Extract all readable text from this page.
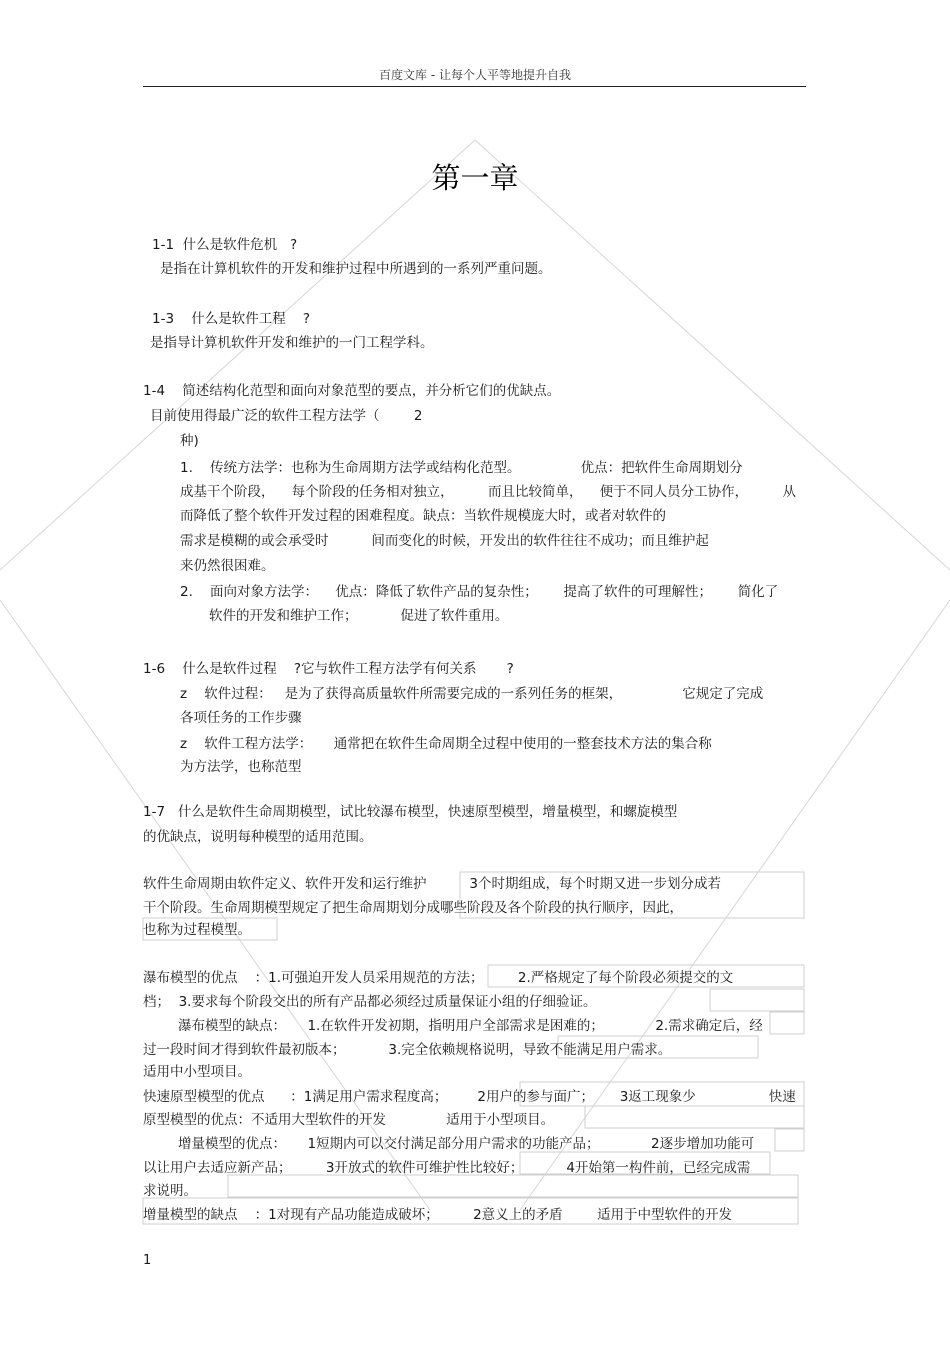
百度文库 - 让每个人平等地提升自我
第一章
1-1  什么是软件危机   ?
是指在计算机软件的开发和维护过程中所遇到的一系列严重问题。
1-3    什么是软件工程    ?
是指导计算机软件开发和维护的一门工程学科。
1-4    简述结构化范型和面向对象范型的要点，并分析它们的优缺点。
目前使用得最广泛的软件工程方法学（        2
种)
1.    传统方法学：也称为生命周期方法学或结构化范型。              优点：把软件生命周期划分
成基干个阶段，    每个阶段的任务相对独立，        而且比较简单，    便于不同人员分工协作，        从
而降低了整个软件开发过程的困难程度。缺点：当软件规模庞大时，或者对软件的
需求是模糊的或会承受时          间而变化的时候，开发出的软件往往不成功；而且维护起
来仍然很困难。
2.    面向对象方法学：    优点：降低了软件产品的复杂性；      提高了软件的可理解性；      简化了
软件的开发和维护工作；          促进了软件重用。
1-6    什么是软件过程    ?它与软件工程方法学有何关系       ?
z    软件过程：   是为了获得高质量软件所需要完成的一系列任务的框架，              它规定了完成
各项任务的工作步骤
z    软件工程方法学：     通常把在软件生命周期全过程中使用的一整套技术方法的集合称
为方法学，也称范型
1-7   什么是软件生命周期模型，试比较瀑布模型，快速原型模型，增量模型，和螺旋模型
的优缺点，说明每种模型的适用范围。
软件生命周期由软件定义、软件开发和运行维护          3个时期组成，每个时期又进一步划分成若
干个阶段。生命周期模型规定了把生命周期划分成哪些阶段及各个阶段的执行顺序，因此，
也称为过程模型。
瀑布模型的优点    ：1.可强迫开发人员采用规范的方法；        2.严格规定了每个阶段必须提交的文
档；  3.要求每个阶段交出的所有产品都必须经过质量保证小组的仔细验证。
瀑布模型的缺点：     1.在软件开发初期，指明用户全部需求是困难的；            2.需求确定后，经
过一段时间才得到软件最初版本；          3.完全依赖规格说明，导致不能满足用户需求。
适用中小型项目。
快速原型模型的优点      ：1满足用户需求程度高；       2用户的参与面广；      3返工现象少                 快速
原型模型的优点：不适用大型软件的开发              适用于小型项目。
增量模型的优点：     1短期内可以交付满足部分用户需求的功能产品；            2逐步增加功能可
以让用户去适应新产品；        3开放式的软件可维护性比较好；          4开始第一构件前，已经完成需
求说明。
增量模型的缺点    ：1对现有产品功能造成破坏；        2意义上的矛盾        适用于中型软件的开发
1
